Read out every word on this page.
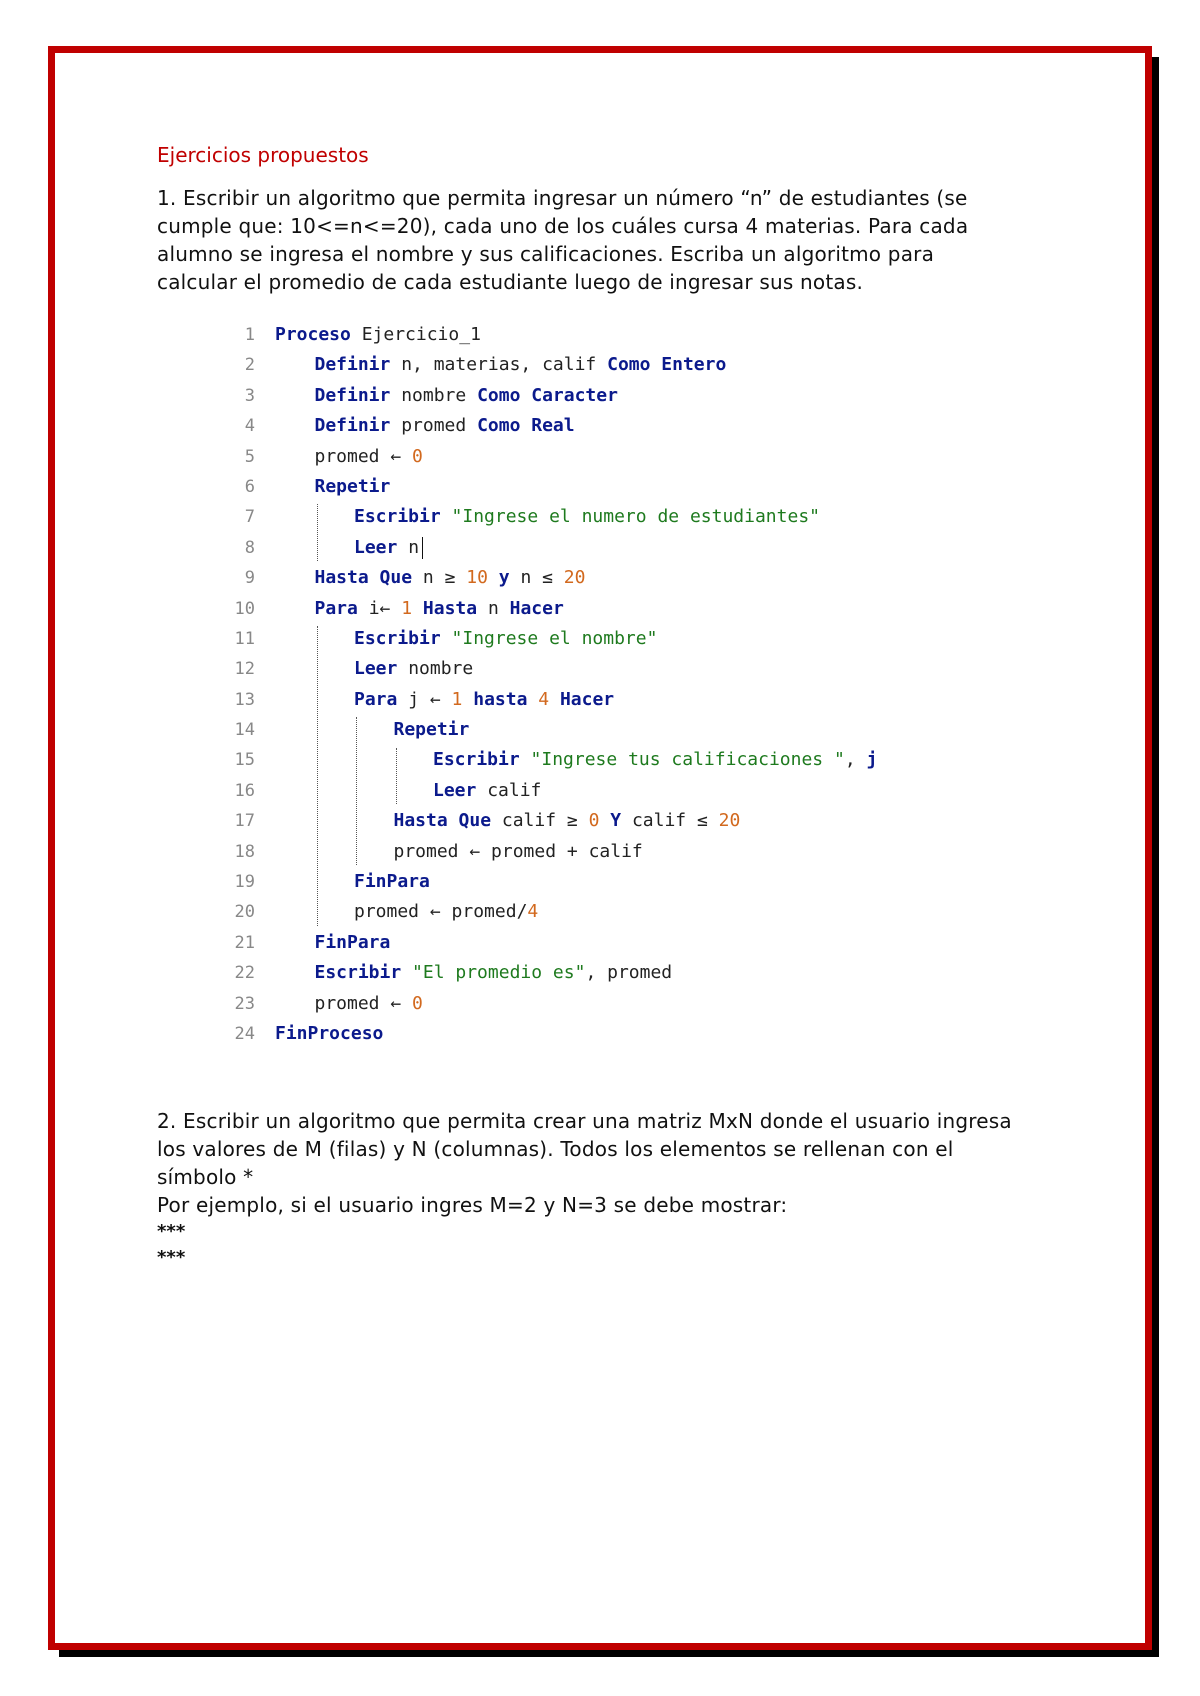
Ejercicios propuestos

1. Escribir un algoritmo que permita ingresar un número “n” de estudiantes (se cumple que: 10<=n<=20), cada uno de los cuáles cursa 4 materias. Para cada alumno se ingresa el nombre y sus calificaciones. Escriba un algoritmo para calcular el promedio de cada estudiante luego de ingresar sus notas.

1 Proceso Ejercicio_1
2	Definir n, materias, calif Como Entero
3	Definir nombre Como Caracter
4	Definir promed Como Real
5	promed ← 0
6	Repetir
7	Escribir "Ingrese el numero de estudiantes"
8	Leer n
9	Hasta Que n ≥ 10 y n ≤ 20
10	Para i← 1 Hasta n Hacer
11	Escribir "Ingrese el nombre"
12	Leer nombre
13	Para j ← 1 hasta 4 Hacer
14	Repetir
15	Escribir "Ingrese tus calificaciones ", j
16	Leer calif
17	Hasta Que calif ≥ 0 Y calif ≤ 20
18	promed ← promed + calif
19	FinPara
20	promed ← promed/4
21	FinPara
22	Escribir "El promedio es", promed
23	promed ← 0
24 FinProceso

2. Escribir un algoritmo que permita crear una matriz MxN donde el usuario ingresa los valores de M (filas) y N (columnas). Todos los elementos se rellenan con el símbolo *

Por ejemplo, si el usuario ingres M=2 y N=3 se debe mostrar:

***

***
